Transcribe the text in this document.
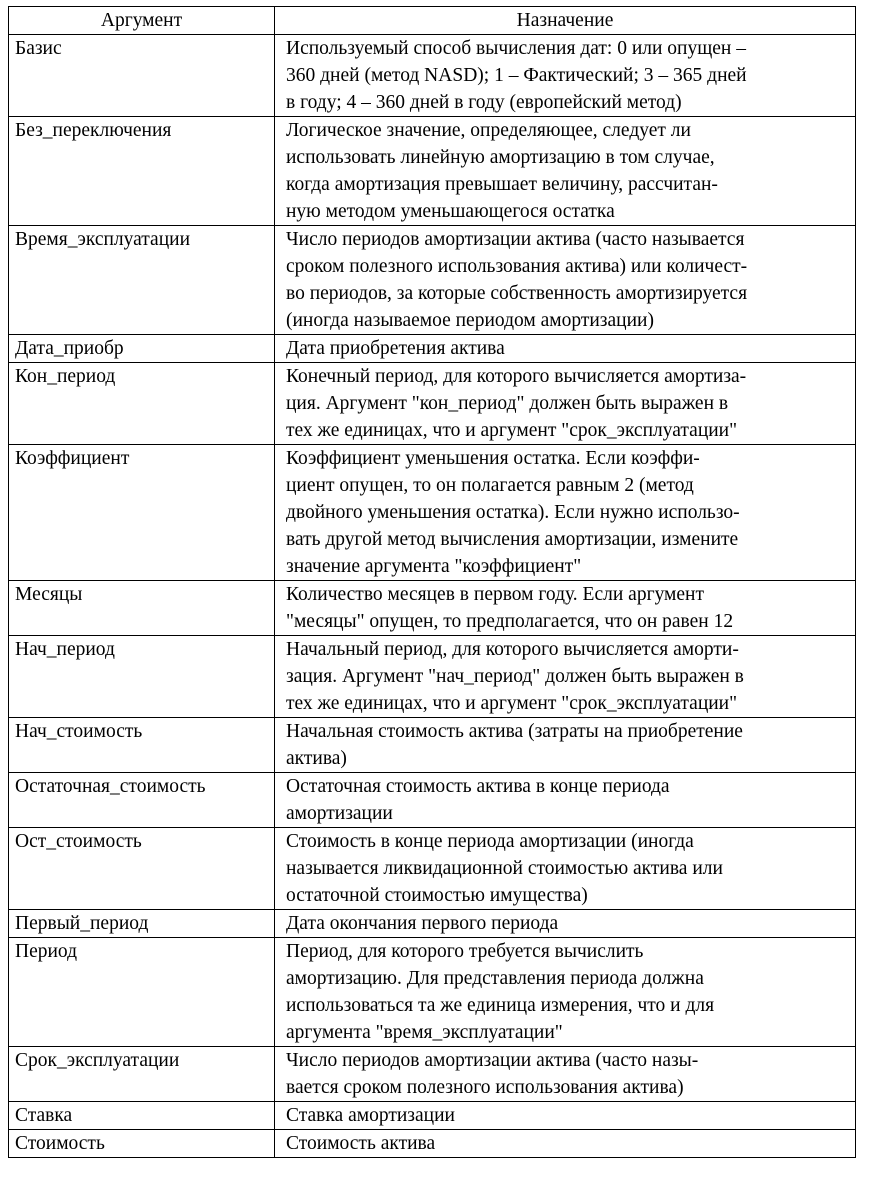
Аргумент	Назначение
Базис	Используемый способ вычисления дат: 0 или опущен –
360 дней (метод NASD); 1 – Фактический; 3 – 365 дней
в году; 4 – 360 дней в году (европейский метод)
Без_переключения	Логическое значение, определяющее, следует ли
использовать линейную амортизацию в том случае,
когда амортизация превышает величину, рассчитан-
ную методом уменьшающегося остатка
Время_эксплуатации	Число периодов амортизации актива (часто называется
сроком полезного использования актива) или количест-
во периодов, за которые собственность амортизируется
(иногда называемое периодом амортизации)
Дата_приобр	Дата приобретения актива
Кон_период	Конечный период, для которого вычисляется амортиза-
ция. Аргумент "кон_период" должен быть выражен в
тех же единицах, что и аргумент "срок_эксплуатации"
Коэффициент	Коэффициент уменьшения остатка. Если коэффи-
циент опущен, то он полагается равным 2 (метод
двойного уменьшения остатка). Если нужно использо-
вать другой метод вычисления амортизации, измените
значение аргумента "коэффициент"
Месяцы	Количество месяцев в первом году. Если аргумент
"месяцы" опущен, то предполагается, что он равен 12
Нач_период	Начальный период, для которого вычисляется аморти-
зация. Аргумент "нач_период" должен быть выражен в
тех же единицах, что и аргумент "срок_эксплуатации"
Нач_стоимость	Начальная стоимость актива (затраты на приобретение
актива)
Остаточная_стоимость	Остаточная стоимость актива в конце периода
амортизации
Ост_стоимость	Стоимость в конце периода амортизации (иногда
называется ликвидационной стоимостью актива или
остаточной стоимостью имущества)
Первый_период	Дата окончания первого периода
Период	Период, для которого требуется вычислить
амортизацию. Для представления периода должна
использоваться та же единица измерения, что и для
аргумента "время_эксплуатации"
Срок_эксплуатации	Число периодов амортизации актива (часто назы-
вается сроком полезного использования актива)
Ставка	Ставка амортизации
Стоимость	Стоимость актива
